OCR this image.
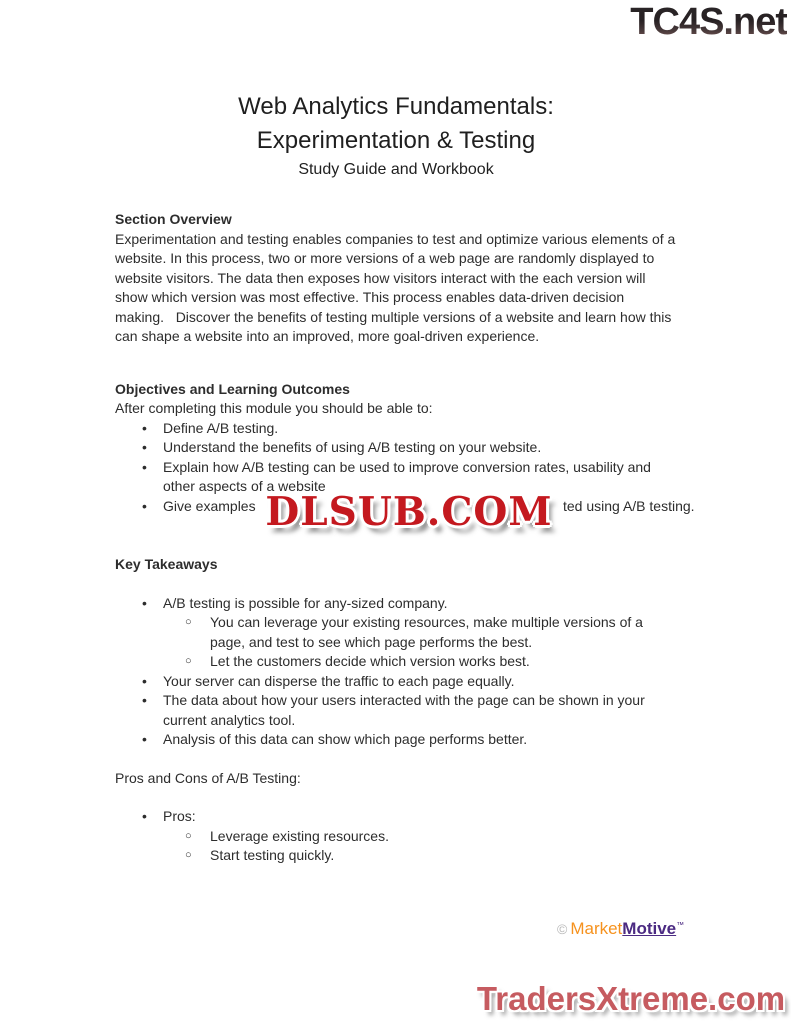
TC4S.net
Web Analytics Fundamentals:
Experimentation & Testing
Study Guide and Workbook
Section Overview
Experimentation and testing enables companies to test and optimize various elements of a website. In this process, two or more versions of a web page are randomly displayed to website visitors. The data then exposes how visitors interact with the each version will show which version was most effective. This process enables data-driven decision making.   Discover the benefits of testing multiple versions of a website and learn how this can shape a website into an improved, more goal-driven experience.
Objectives and Learning Outcomes
After completing this module you should be able to:
• Define A/B testing.
• Understand the benefits of using A/B testing on your website.
• Explain how A/B testing can be used to improve conversion rates, usability and
other aspects of a website
• Give examples	ted using A/B testing.
Key Takeaways
• A/B testing is possible for any-sized company.
○ You can leverage your existing resources, make multiple versions of a
page, and test to see which page performs the best.
○ Let the customers decide which version works best.
• Your server can disperse the traffic to each page equally.
• The data about how your users interacted with the page can be shown in your
current analytics tool.
• Analysis of this data can show which page performs better.
Pros and Cons of A/B Testing:
• Pros:
○ Leverage existing resources.
○ Start testing quickly.
DLSUB.COM
© MarketMotive™
TradersXtreme.com
